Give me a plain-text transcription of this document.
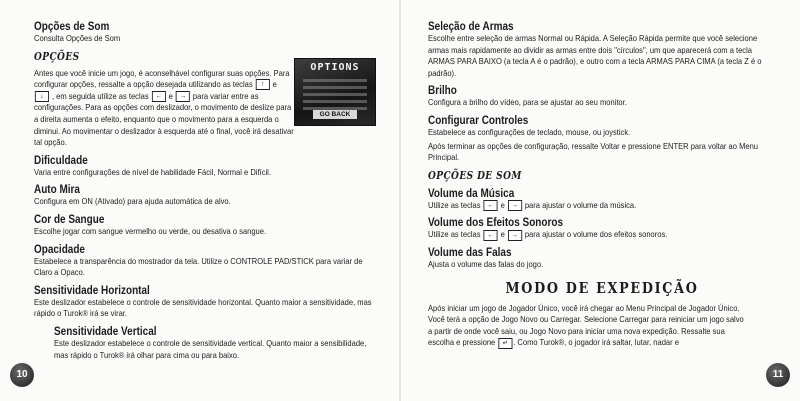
Opções de Som
Consulta Opções de Som
OPÇÕES
Antes que você inicie um jogo, é aconselhável configurar suas opções. Para configurar opções, ressalte a opção desejada utilizando as teclas ↑ e ↓ , em seguida utilize as teclas ← e → para variar entre as configurações. Para as opções com deslizador, o movimento de deslize para a direita aumenta o efeito, enquanto que o movimento para a esquerda o diminui. Ao movimentar o deslizador à esquerda até o final, você irá desativar tal opção.
Dificuldade
Varia entre configurações de nível de habilidade Fácil, Normal e Difícil.
Auto Mira
Configura em ON (Ativado) para ajuda automática de alvo.
Cor de Sangue
Escolhe jogar com sangue vermelho ou verde, ou desativa o sangue.
Opacidade
Estabelece a transparência do mostrador da tela. Utilize o CONTROLE PAD/STICK para variar de Claro a Opaco.
Sensitividade Horizontal
Este deslizador estabelece o controle de sensitividade horizontal. Quanto maior a sensitividade, mas rápido o Turok® irá se virar.
Sensitividade Vertical
Este deslizador estabelece o controle de sensitividade vertical. Quanto maior a sensibilidade, mas rápido o Turok® irá olhar para cima ou para baixo.
OPTIONS
GO BACK
10
Seleção de Armas
Escolhe entre seleção de armas Normal ou Rápida. A Seleção Rápida permite que você selecione armas mais rapidamente ao dividir as armas entre dois "círculos", um que aparecerá com a tecla ARMAS PARA BAIXO (a tecla A é o padrão), e outro com a tecla ARMAS PARA CIMA (a tecla Z é o padrão).
Brilho
Configura a brilho do vídeo, para se ajustar ao seu monitor.
Configurar Controles
Estabelece as configurações de teclado, mouse, ou joystick.
Após terminar as opções de configuração, ressalte Voltar e pressione ENTER para voltar ao Menu Principal.
OPÇÕES DE SOM
Volume da Música
Utilize as teclas ← e → para ajustar o volume da música.
Volume dos Efeitos Sonoros
Utilize as teclas ← e → para ajustar o volume dos efeitos sonoros.
Volume das Falas
Ajusta o volume das falas do jogo.
MODO DE EXPEDIÇÃO
Após iniciar um jogo de Jogador Único, você irá chegar ao Menu Principal de Jogador Único. Você terá a opção de Jogo Novo ou Carregar. Selecione Carregar para reiniciar um jogo salvo a partir de onde você saiu, ou Jogo Novo para iniciar uma nova expedição. Ressalte sua escolha e pressione ↵ . Como Turok®, o jogador irá saltar, lutar, nadar e
11
